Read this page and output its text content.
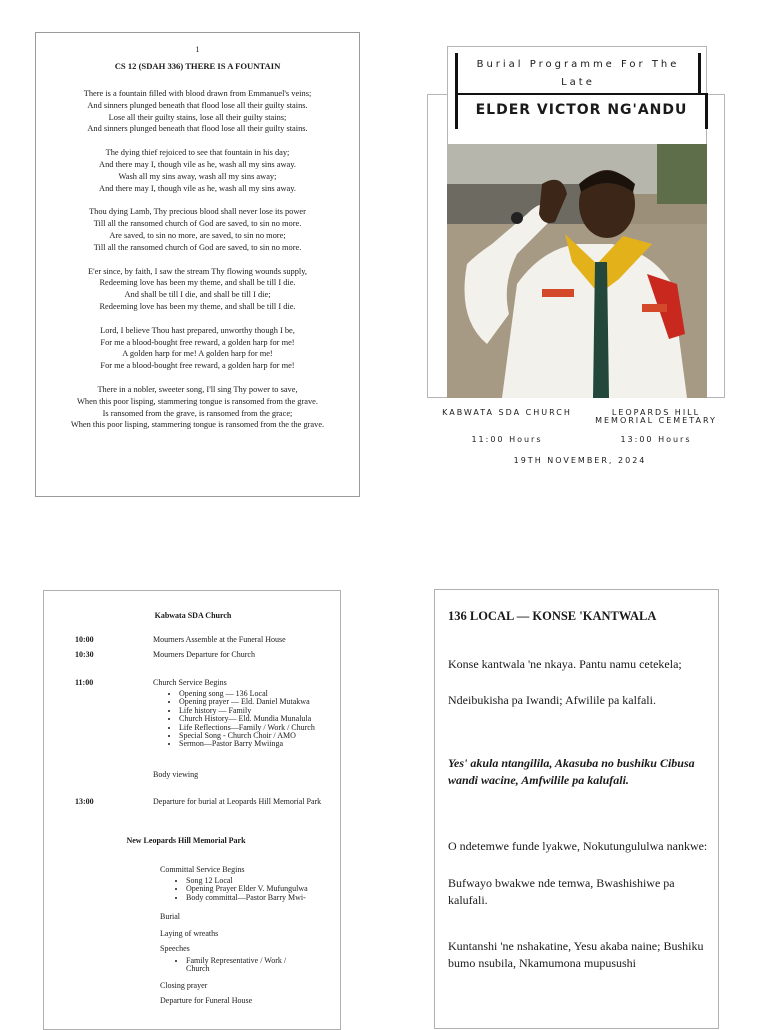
1
CS 12 (SDAH 336) THERE IS A FOUNTAIN
There is a fountain filled with blood drawn from Emmanuel's veins;
And sinners plunged beneath that flood lose all their guilty stains.
Lose all their guilty stains, lose all their guilty stains;
And sinners plunged beneath that flood lose all their guilty stains.
The dying thief rejoiced to see that fountain in his day;
And there may I, though vile as he, wash all my sins away.
Wash all my sins away, wash all my sins away;
And there may I, though vile as he, wash all my sins away.
Thou dying Lamb, Thy precious blood shall never lose its power
Till all the ransomed church of God are saved, to sin no more.
Are saved, to sin no more, are saved, to sin no more;
Till all the ransomed church of God are saved, to sin no more.
E'er since, by faith, I saw the stream Thy flowing wounds supply,
Redeeming love has been my theme, and shall be till I die.
And shall be till I die, and shall be till I die;
Redeeming love has been my theme, and shall be till I die.
Lord, I believe Thou hast prepared, unworthy though I be,
For me a blood-bought free reward, a golden harp for me!
A golden harp for me! A golden harp for me!
For me a blood-bought free reward, a golden harp for me!
There in a nobler, sweeter song, I'll sing Thy power to save,
When this poor lisping, stammering tongue is ransomed from the grave.
Is ransomed from the grave, is ransomed from the grace;
When this poor lisping, stammering tongue is ransomed from the the grave.
Burial Programme For The Late
ELDER VICTOR NG'ANDU
KABWATA SDA CHURCH
11:00 Hours
LEOPARDS HILL
MEMORIAL CEMETARY
13:00 Hours
19TH NOVEMBER, 2024
Kabwata SDA Church
10:00	Mourners Assemble at the Funeral House
10:30	Mourners Departure for Church
11:00	Church Service Begins
• Opening song — 136 Local
• Opening prayer — Eld. Daniel Mutakwa
• Life history — Family
• Church History— Eld. Mundia Munalula
• Life Reflections—Family / Work / Church
• Special Song - Church Choir / AMO
• Sermon—Pastor Barry Mwiinga
Body viewing
13:00	Departure for burial at Leopards Hill Memorial Park
New Leopards Hill Memorial Park
Committal Service Begins
• Song 12 Local
• Opening Prayer Elder V. Mufungulwa
• Body committal—Pastor Barry Mwi-
Burial
Laying of wreaths
Speeches
• Family Representative / Work / Church
Closing prayer
Departure for Funeral House
136 LOCAL — KONSE 'KANTWALA
Konse kantwala 'ne nkaya. Pantu namu cetekela;
Ndeibukisha pa Iwandi; Afwilile pa kalfali.
Yes' akula ntangilila, Akasuba no bushiku Cibusa wandi wacine, Amfwilile pa kalufali.
O ndetemwe funde lyakwe, Nokutungululwa nankwe:
Bufwayo bwakwe nde temwa, Bwashishiwe pa kalufali.
Kuntanshi 'ne nshakatine, Yesu akaba naine; Bushiku bumo nsubila, Nkamumona mupusushi
